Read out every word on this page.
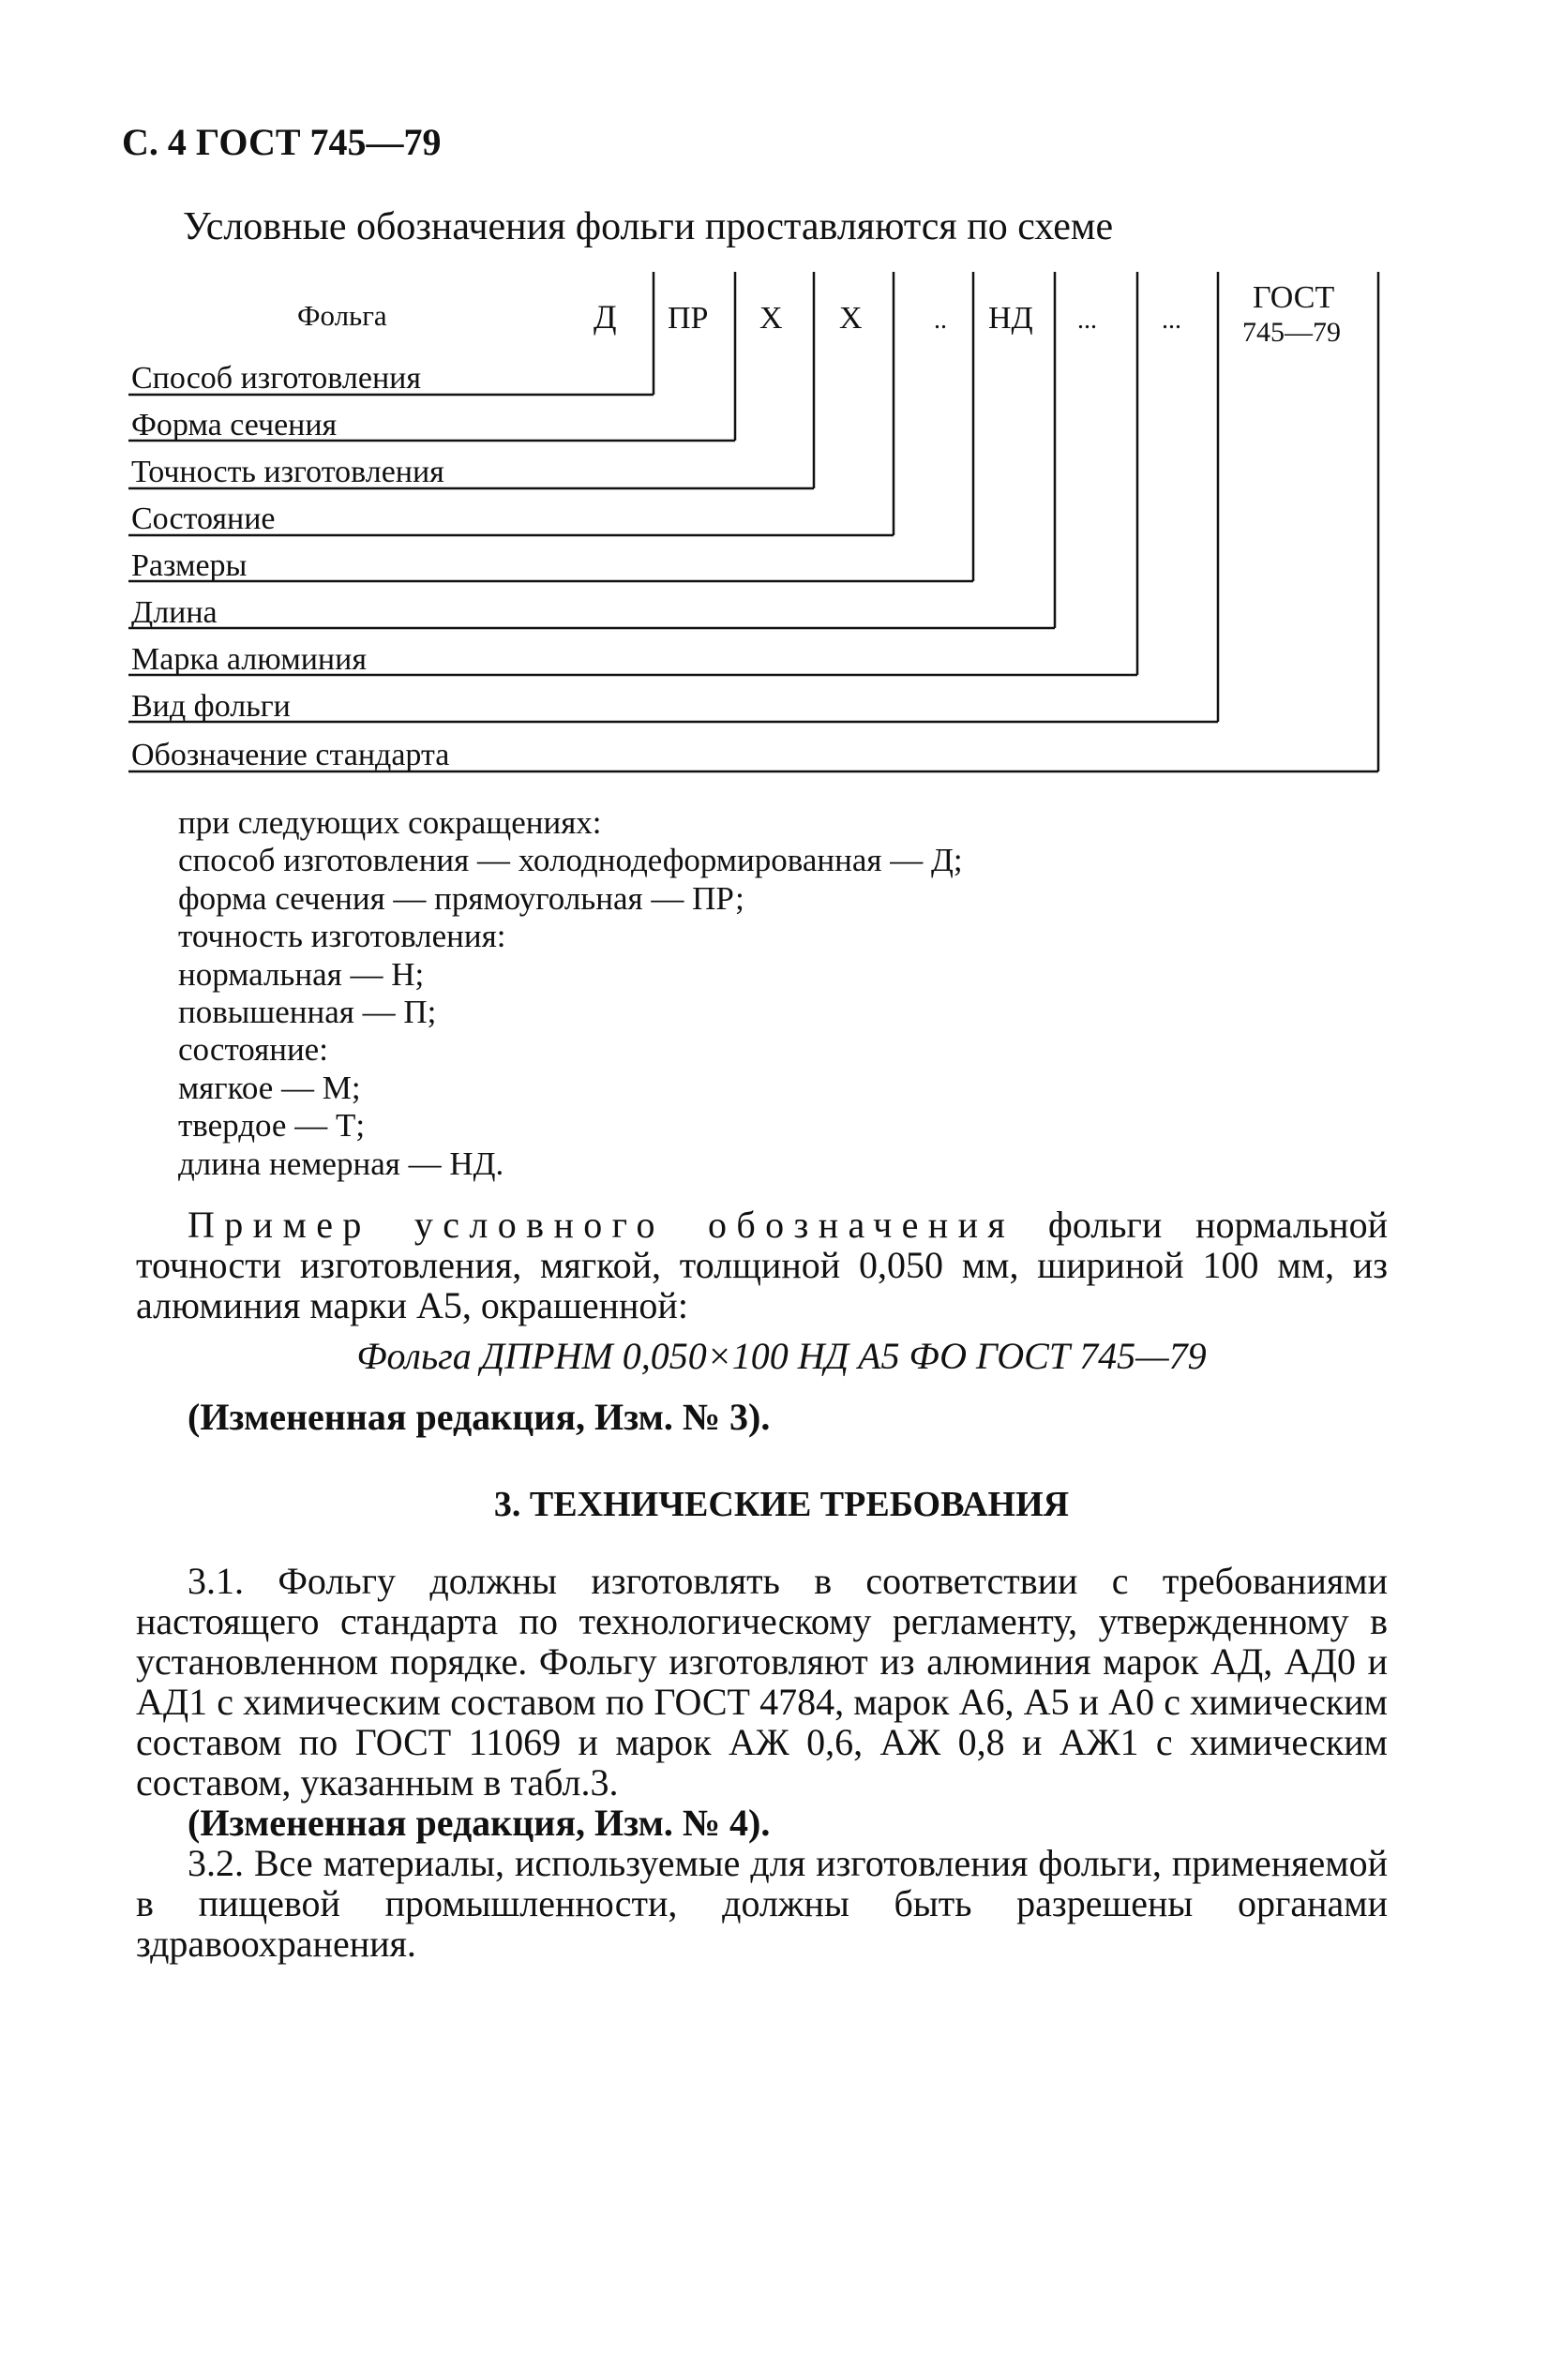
С. 4 ГОСТ 745—79
Условные обозначения фольги проставляются по схеме
Фольга	Д ПР Х Х	.. НД ... ...
ГОСТ
745—79
Способ изготовления
Форма сечения
Точность изготовления
Состояние
Размеры
Длина
Марка алюминия
Вид фольги
Обозначение стандарта
при следующих сокращениях:
способ изготовления — холоднодеформированная — Д;
форма сечения — прямоугольная — ПР;
точность изготовления:
нормальная — Н;
повышенная — П;
состояние:
мягкое — М;
твердое — Т;
длина немерная — НД.
Пример условного обозначения фольги нормальной точности изготовления, мягкой, толщиной 0,050 мм, шириной 100 мм, из алюминия марки А5, окрашенной:
Фольга ДПРНМ 0,050×100 НД А5 ФО ГОСТ 745—79
(Измененная редакция, Изм. № 3).
3. ТЕХНИЧЕСКИЕ ТРЕБОВАНИЯ
3.1. Фольгу должны изготовлять в соответствии с требованиями настоящего стандарта по технологическому регламенту, утвержденному в установленном порядке. Фольгу изготовляют из алюминия марок АД, АД0 и АД1 с химическим составом по ГОСТ 4784, марок А6, А5 и А0 с химическим составом по ГОСТ 11069 и марок АЖ 0,6, АЖ 0,8 и АЖ1 с химическим составом, указанным в табл.3.
(Измененная редакция, Изм. № 4).
3.2. Все материалы, используемые для изготовления фольги, применяемой в пищевой промышленности, должны быть разрешены органами здравоохранения.
